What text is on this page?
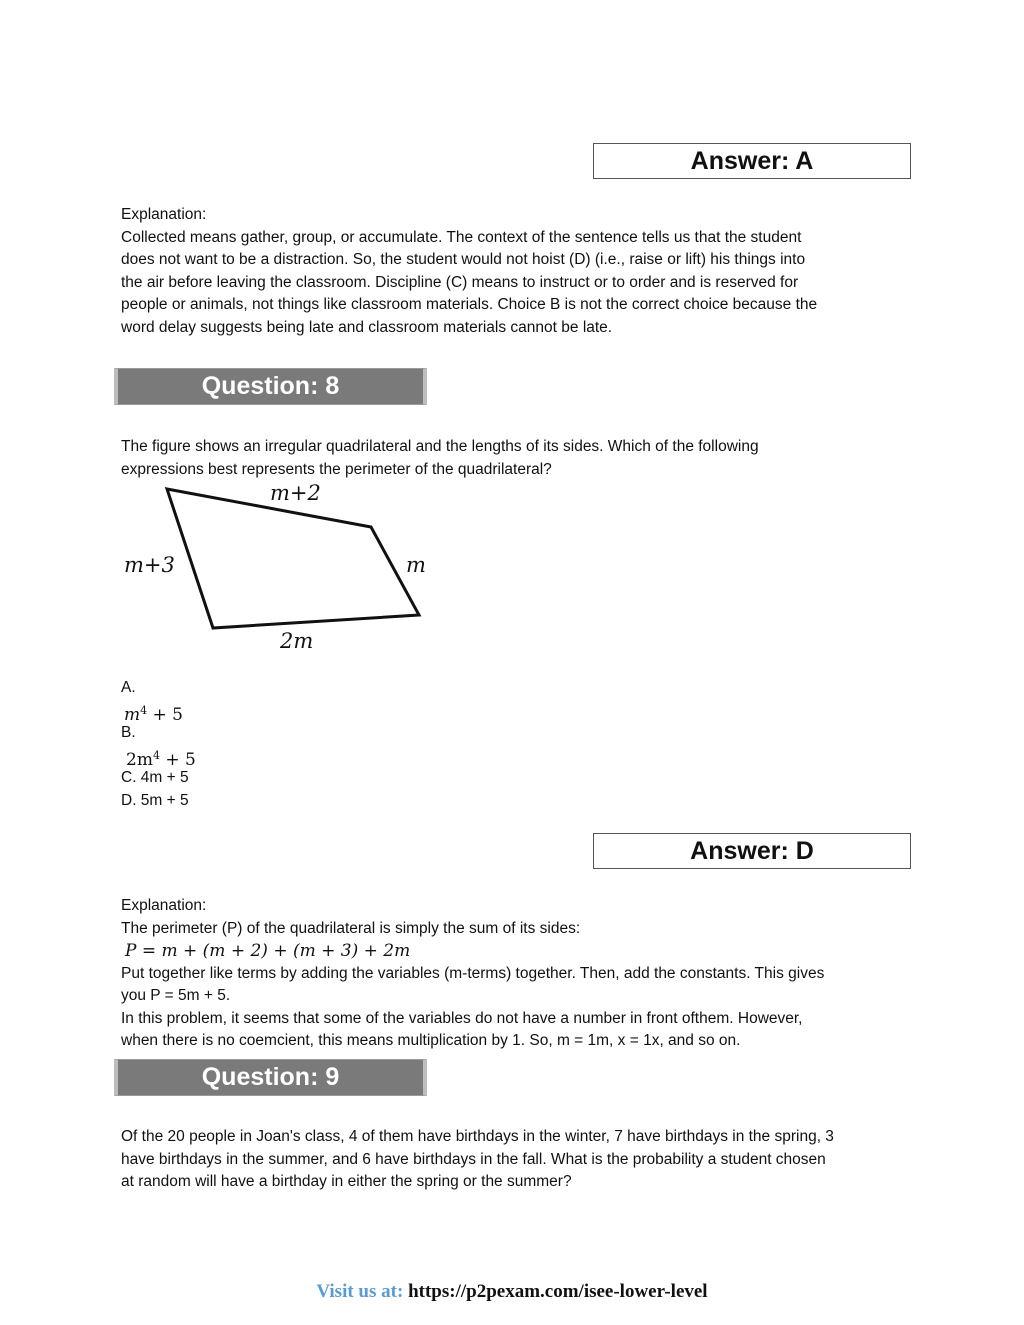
Answer: A
Explanation:
Collected means gather, group, or accumulate. The context of the sentence tells us that the student
does not want to be a distraction. So, the student would not hoist (D) (i.e., raise or lift) his things into
the air before leaving the classroom. Discipline (C) means to instruct or to order and is reserved for
people or animals, not things like classroom materials. Choice B is not the correct choice because the
word delay suggests being late and classroom materials cannot be late.
Question: 8
The figure shows an irregular quadrilateral and the lengths of its sides. Which of the following
expressions best represents the perimeter of the quadrilateral?
m+2
m+3	m
2m
A.
$m^4 + 5$
B.
$2m^4 + 5$
C. 4m + 5
D. 5m + 5
Answer: D
Explanation:
The perimeter (P) of the quadrilateral is simply the sum of its sides:
P = m + (m + 2) + (m + 3) + 2m
Put together like terms by adding the variables (m-terms) together. Then, add the constants. This gives
you P = 5m + 5.
In this problem, it seems that some of the variables do not have a number in front ofthem. However,
when there is no coemcient, this means multiplication by 1. So, m = 1m, x = 1x, and so on.
Question: 9
Of the 20 people in Joan's class, 4 of them have birthdays in the winter, 7 have birthdays in the spring, 3
have birthdays in the summer, and 6 have birthdays in the fall. What is the probability a student chosen
at random will have a birthday in either the spring or the summer?
Visit us at: https://p2pexam.com/isee-lower-level
